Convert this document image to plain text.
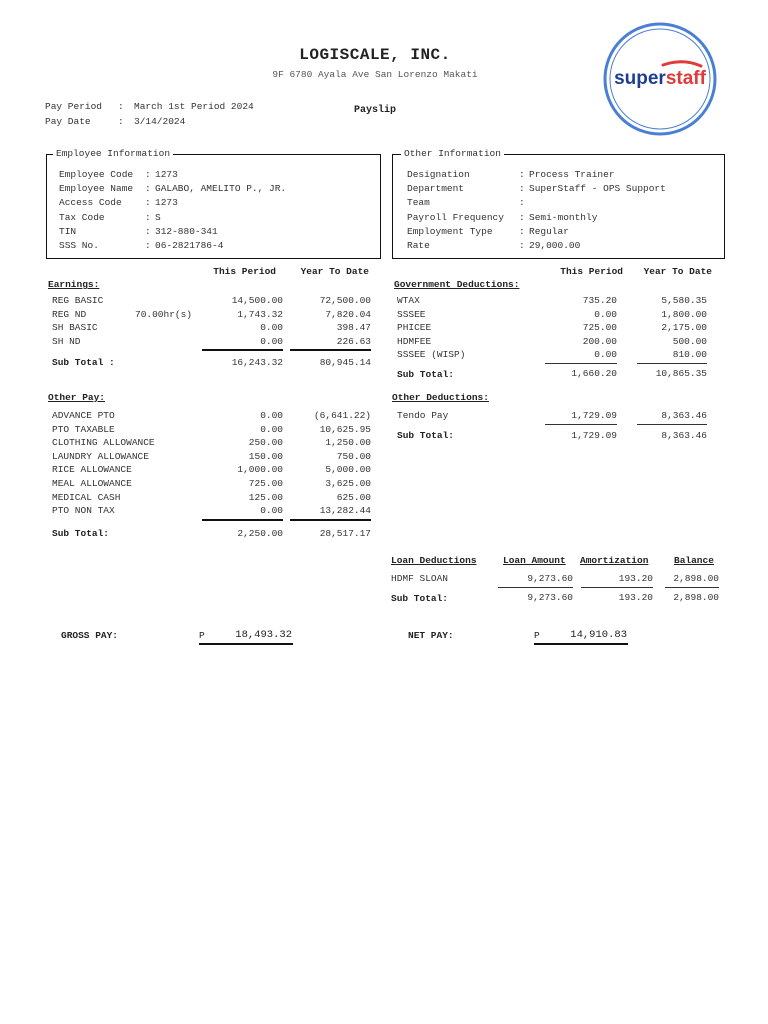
LOGISCALE, INC.
9F 6780 Ayala Ave San Lorenzo Makati	superstaff
Pay Period : March 1st Period 2024
Pay Date	: 3/14/2024
Payslip
Employee Information	Other Information
This Period	Year To Date
Earnings:
This Period	Year To Date
Government Deductions:
Sub Total :	16,243.32	80,945.14
Sub Total:	1,660.20	10,865.35
Other Pay:
Sub Total:	2,250.00	28,517.17
Other Deductions:
Sub Total:	1,729.09	8,363.46
Loan Deductions	Loan Amount Amortization	Balance
Sub Total:	9,273.60	193.20	2,898.00
GROSS PAY:	P	18,493.32	NET PAY:	P	14,910.83
Employee Code : 1273
Employee Name : GALABO, AMELITO P., JR.
Access Code : 1273
Tax Code	: S
TIN	: 312-880-341
SSS No.	: 06-2821786-4
Designation	: Process Trainer
Department	: SuperStaff - OPS Support
Team	:
Payroll Frequency : Semi-monthly
Employment Type	: Regular
Rate	: 29,000.00
REG BASIC	14,500.00	72,500.00
REG ND	70.00hr(s)	1,743.32	7,820.04
SH BASIC	0.00	398.47
SH ND	0.00	226.63
ADVANCE PTO	0.00	(6,641.22)
PTO TAXABLE	0.00	10,625.95
CLOTHING ALLOWANCE	250.00	1,250.00
LAUNDRY ALLOWANCE	150.00	750.00
RICE ALLOWANCE	1,000.00	5,000.00
MEAL ALLOWANCE	725.00	3,625.00
MEDICAL CASH	125.00	625.00
PTO NON TAX	0.00	13,282.44
WTAX	735.20	5,580.35
SSSEE	0.00	1,800.00
PHICEE	725.00	2,175.00
HDMFEE	200.00	500.00
SSSEE (WISP)	0.00	810.00
Tendo Pay	1,729.09	8,363.46
HDMF SLOAN	9,273.60	193.20	2,898.00
